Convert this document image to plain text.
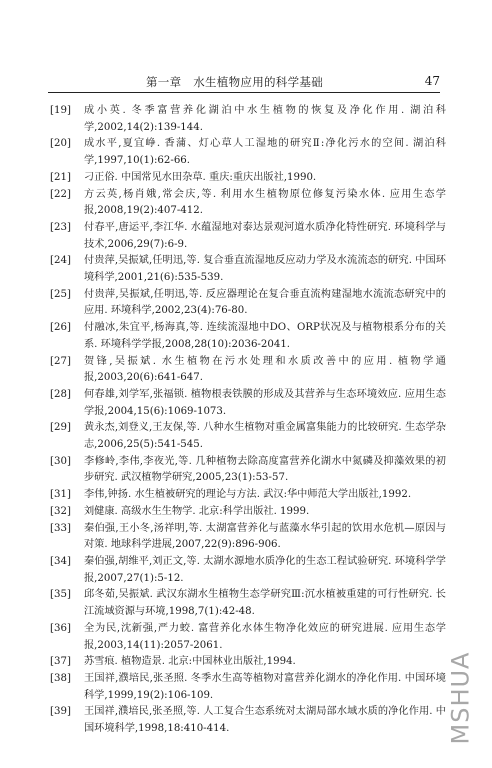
第一章　水生植物应用的科学基础	47
[19] 成小英. 冬季富营养化湖泊中水生植物的恢复及净化作用. 湖泊科学,2002,14(2):139-144.
[20] 成水平,夏宜峥. 香蒲、灯心草人工湿地的研究Ⅱ:净化污水的空间. 湖泊科学,1997,10(1):62-66.
[21] 刁正俗. 中国常见水田杂草. 重庆:重庆出版社,1990.
[22] 方云英,杨肖娥,常会庆,等. 利用水生植物原位修复污染水体. 应用生态学报,2008,19(2):407-412.
[23] 付春平,唐运平,李江华. 水蕴湿地对泰达景观河道水质净化特性研究. 环境科学与技术,2006,29(7):6-9.
[24] 付贵萍,吴振斌,任明迅,等. 复合垂直流湿地反应动力学及水流流态的研究. 中国环境科学,2001,21(6):535-539.
[25] 付贵萍,吴振斌,任明迅,等. 反应器理论在复合垂直流构建湿地水流流态研究中的应用. 环境科学,2002,23(4):76-80.
[26] 付融冰,朱宜平,杨海真,等. 连续流湿地中DO、ORP状况及与植物根系分布的关系. 环境科学学报,2008,28(10):2036-2041.
[27] 贺锋,吴振斌. 水生植物在污水处理和水质改善中的应用. 植物学通报,2003,20(6):641-647.
[28] 何春雄,刘学军,张福锁. 植物根表铁膜的形成及其营养与生态环境效应. 应用生态学报,2004,15(6):1069-1073.
[29] 黄永杰,刘登义,王友保,等. 八种水生植物对重金属富集能力的比较研究. 生态学杂志,2006,25(5):541-545.
[30] 李修岭,李伟,李夜光,等. 几种植物去除高度富营养化湖水中氮磷及抑藻效果的初步研究. 武汉植物学研究,2005,23(1):53-57.
[31] 李伟,钟扬. 水生植被研究的理论与方法. 武汉:华中师范大学出版社,1992.
[32] 刘健康. 高级水生生物学. 北京:科学出版社. 1999.
[33] 秦伯强,王小冬,汤祥明,等. 太湖富营养化与蓝藻水华引起的饮用水危机—原因与对策. 地球科学进展,2007,22(9):896-906.
[34] 秦伯强,胡维平,刘正文,等. 太湖水源地水质净化的生态工程试验研究. 环境科学学报,2007,27(1):5-12.
[35] 邱冬茹,吴振斌. 武汉东湖水生植物生态学研究Ⅲ:沉水植被重建的可行性研究. 长江流域资源与环境,1998,7(1):42-48.
[36] 全为民,沈新强,严力蛟. 富营养化水体生物净化效应的研究进展. 应用生态学报,2003,14(11):2057-2061.
[37] 苏雪痕. 植物造景. 北京:中国林业出版社,1994.
[38] 王国祥,濮培民,张圣照. 冬季水生高等植物对富营养化湖水的净化作用. 中国环境科学,1999,19(2):106-109.
[39] 王国祥,濮培民,张圣照,等. 人工复合生态系统对太湖局部水域水质的净化作用. 中国环境科学,1998,18:410-414.	MSHUA
